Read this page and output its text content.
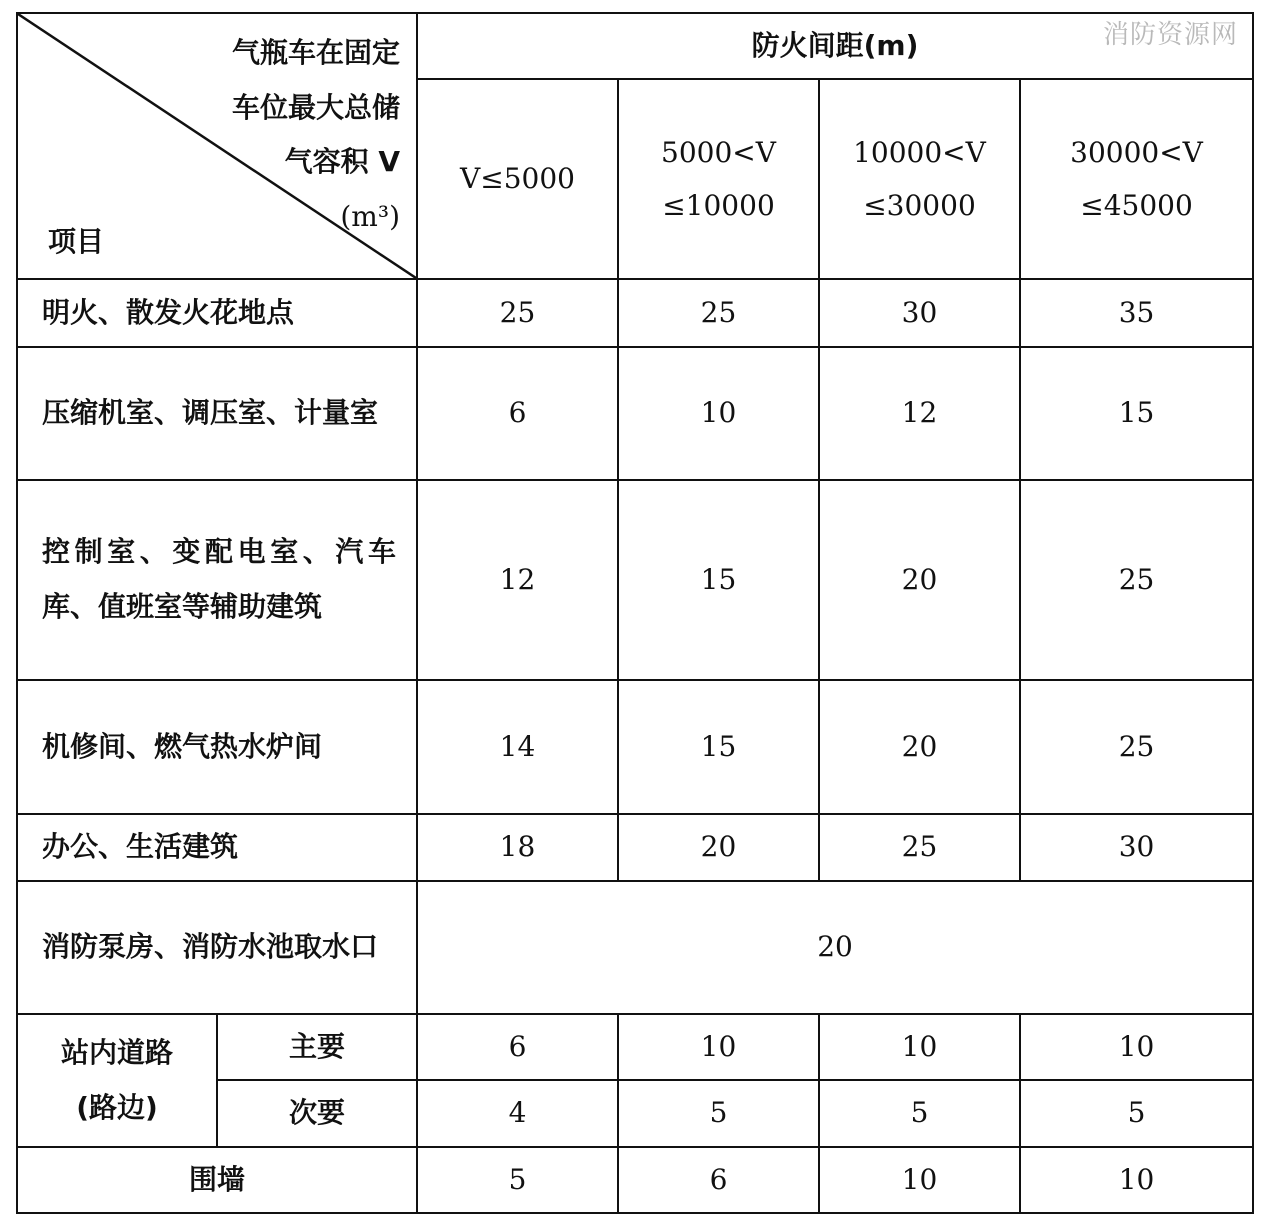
消防资源网
气瓶车在固定
车位最大总储
气容积 V
(m³)
项目		防火间距(m)			
		V≤5000	5000<V ≤10000	10000<V ≤30000	30000<V ≤45000
明火、散发火花地点		25	25	30	35
压缩机室、调压室、计量室		6	10	12	15
控制室、变配电室、汽车库、值班室等辅助建筑		12	15	20	25
机修间、燃气热水炉间		14	15	20	25
办公、生活建筑		18	20	25	30
消防泵房、消防水池取水口		20			
站内道路(路边)	主要	6	10	10	10
	次要	4	5	5	5
围墙		5	6	10	10
